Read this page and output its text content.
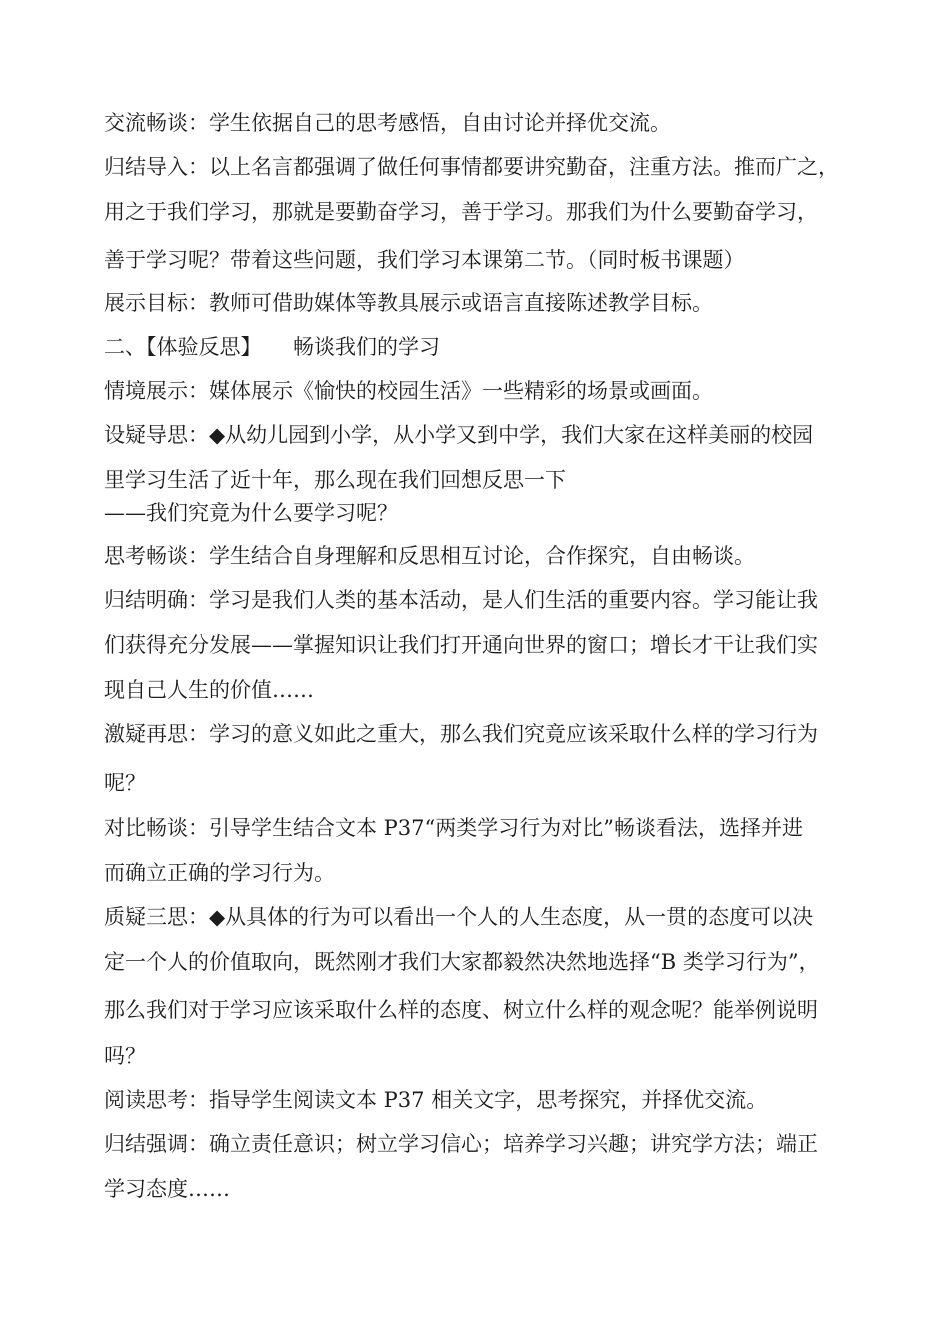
交流畅谈：学生依据自己的思考感悟，自由讨论并择优交流。

归结导入：以上名言都强调了做任何事情都要讲究勤奋，注重方法。推而广之，

用之于我们学习，那就是要勤奋学习，善于学习。那我们为什么要勤奋学习，

善于学习呢？带着这些问题，我们学习本课第二节。（同时板书课题）

展示目标：教师可借助媒体等教具展示或语言直接陈述教学目标。

二、【体验反思】　　畅谈我们的学习

情境展示：媒体展示《愉快的校园生活》一些精彩的场景或画面。

设疑导思：◆从幼儿园到小学，从小学又到中学，我们大家在这样美丽的校园

里学习生活了近十年，那么现在我们回想反思一下

——我们究竟为什么要学习呢？

思考畅谈：学生结合自身理解和反思相互讨论，合作探究，自由畅谈。

归结明确：学习是我们人类的基本活动，是人们生活的重要内容。学习能让我

们获得充分发展——掌握知识让我们打开通向世界的窗口；增长才干让我们实

现自己人生的价值……

激疑再思：学习的意义如此之重大，那么我们究竟应该采取什么样的学习行为

呢？

对比畅谈：引导学生结合文本 P37“两类学习行为对比”畅谈看法，选择并进

而确立正确的学习行为。

质疑三思：◆从具体的行为可以看出一个人的人生态度，从一贯的态度可以决

定一个人的价值取向，既然刚才我们大家都毅然决然地选择“B 类学习行为”，

那么我们对于学习应该采取什么样的态度、树立什么样的观念呢？能举例说明

吗？

阅读思考：指导学生阅读文本 P37 相关文字，思考探究，并择优交流。

归结强调：确立责任意识；树立学习信心；培养学习兴趣；讲究学方法；端正

学习态度……
